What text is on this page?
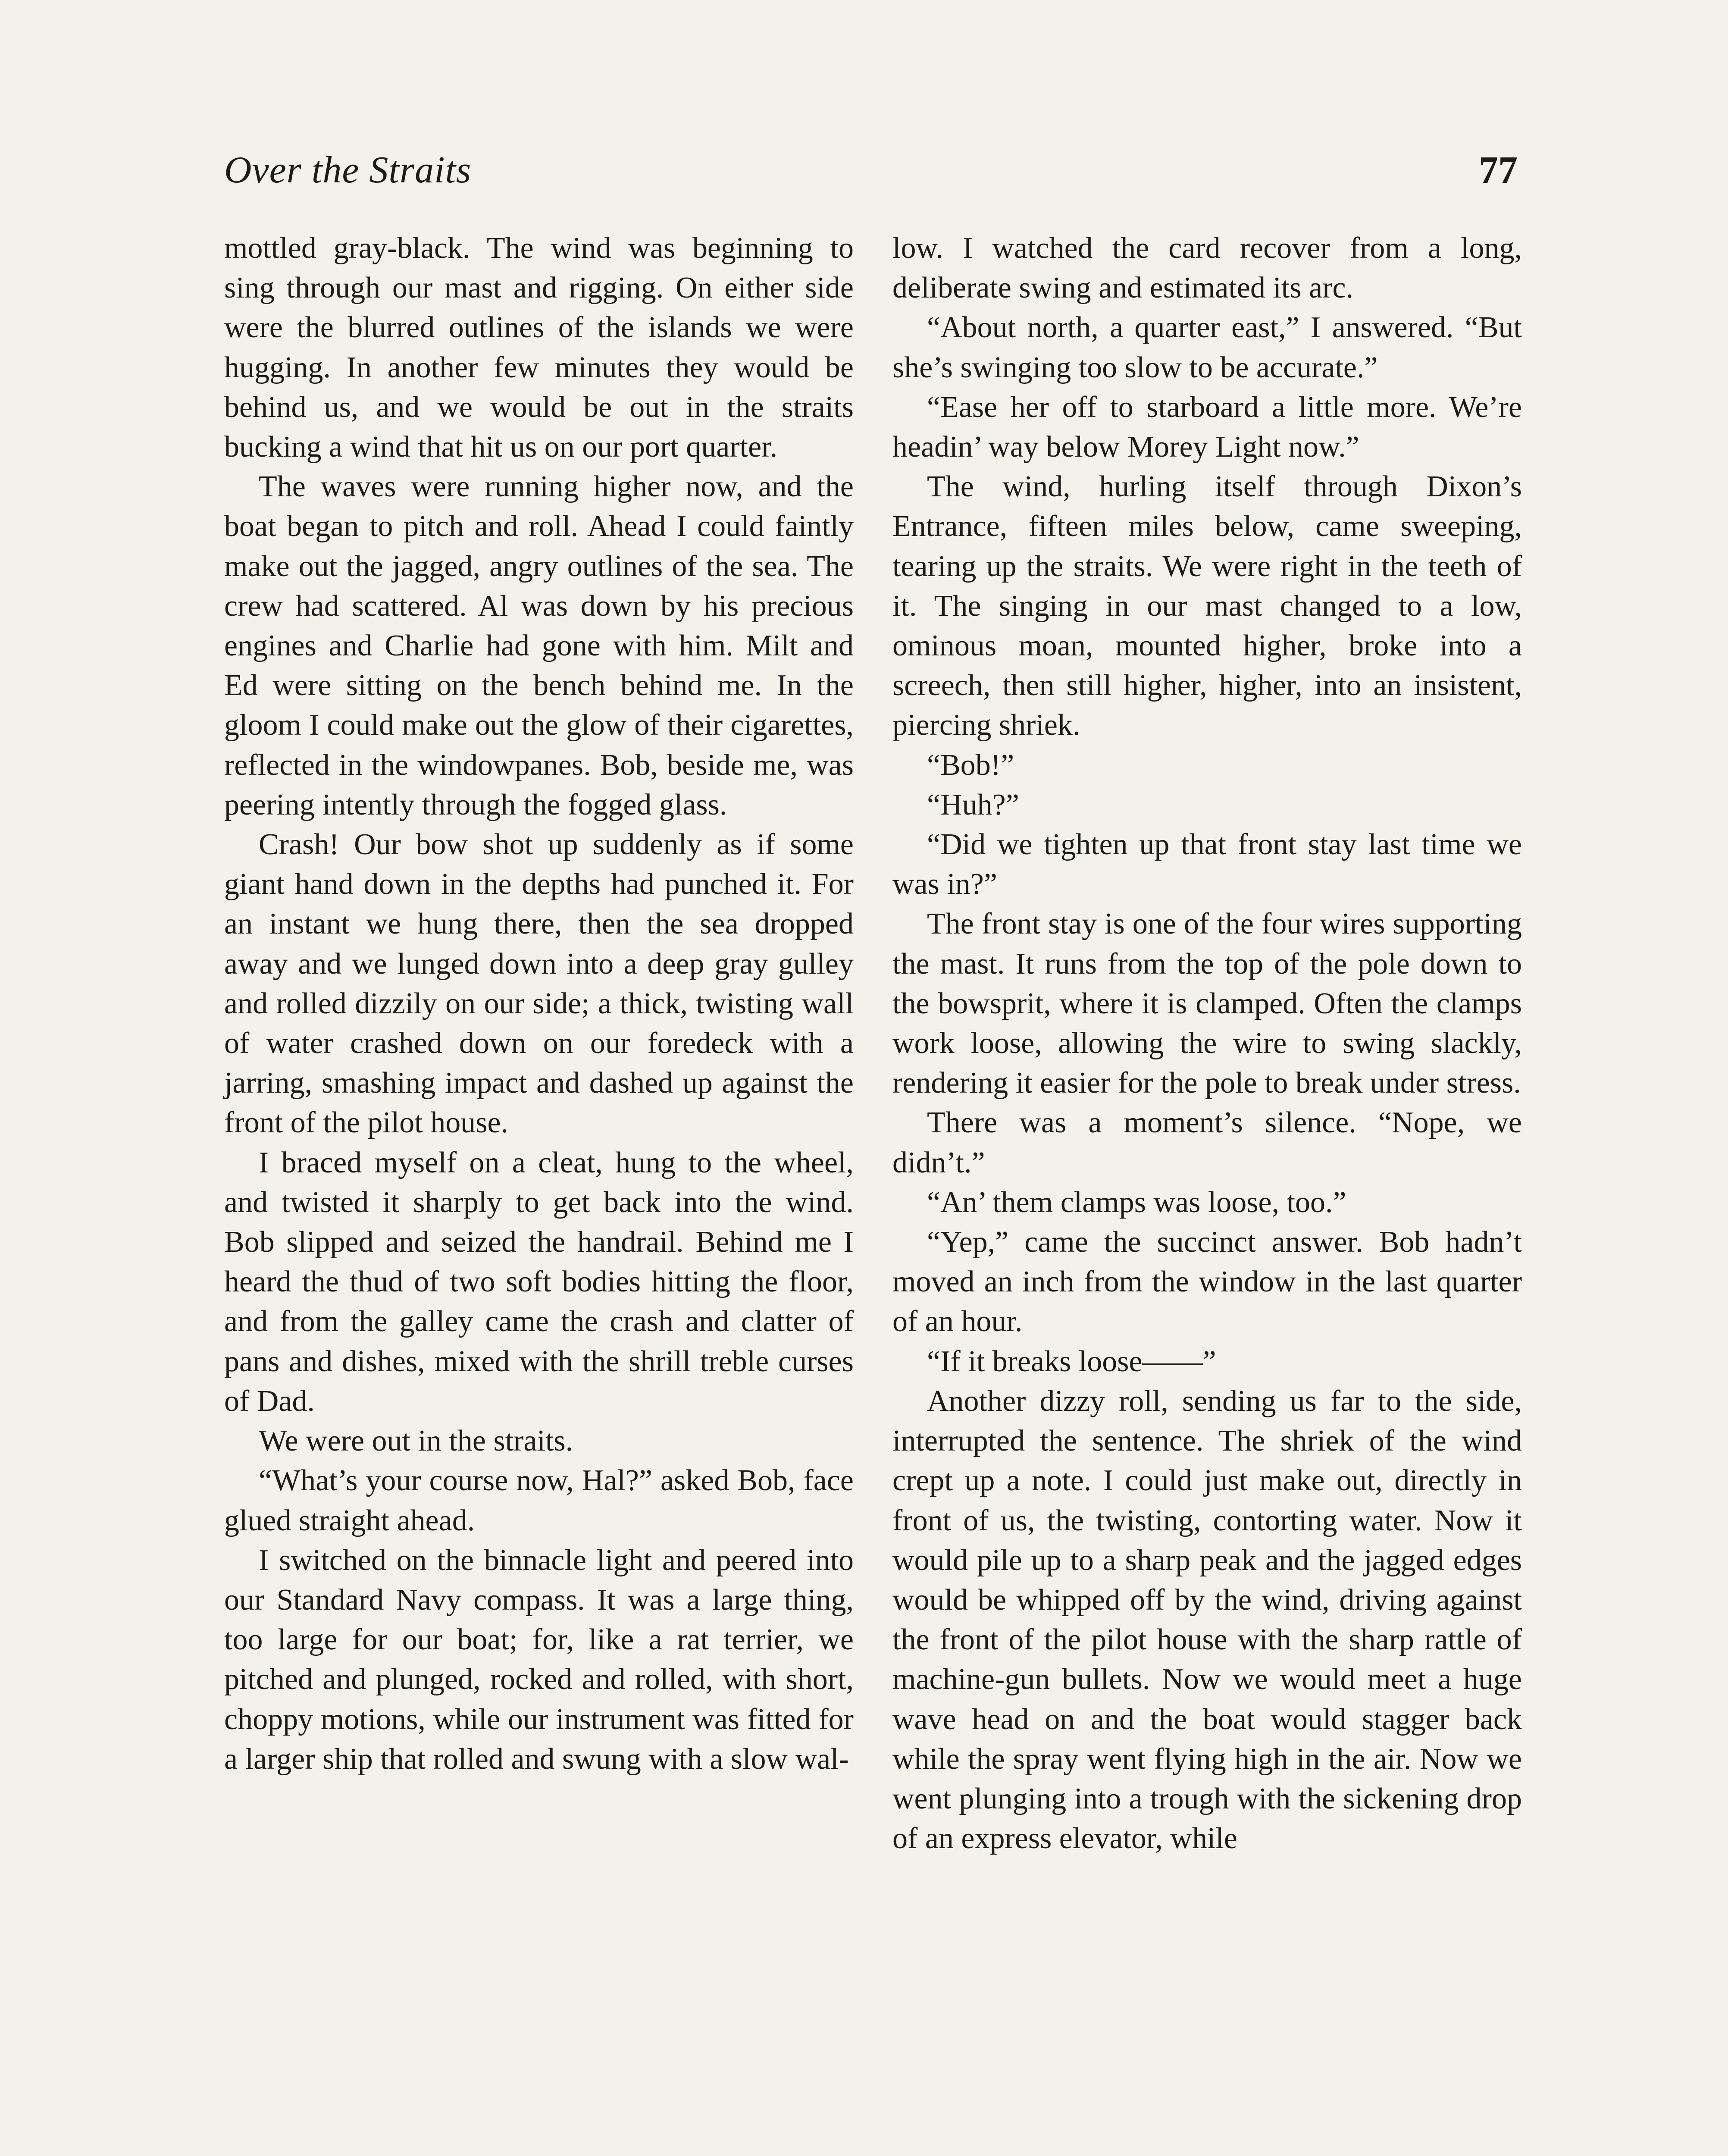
Over the Straits	77

mottled gray-black. The wind was beginning to sing through our mast and rigging. On either side were the blurred outlines of the islands we were hugging. In another few minutes they would be behind us, and we would be out in the straits bucking a wind that hit us on our port quarter.

The waves were running higher now, and the boat began to pitch and roll. Ahead I could faintly make out the jagged, angry outlines of the sea. The crew had scattered. Al was down by his precious engines and Charlie had gone with him. Milt and Ed were sitting on the bench behind me. In the gloom I could make out the glow of their cigarettes, reflected in the windowpanes. Bob, beside me, was peering intently through the fogged glass.

Crash! Our bow shot up suddenly as if some giant hand down in the depths had punched it. For an instant we hung there, then the sea dropped away and we lunged down into a deep gray gulley and rolled dizzily on our side; a thick, twisting wall of water crashed down on our foredeck with a jarring, smashing impact and dashed up against the front of the pilot house.

I braced myself on a cleat, hung to the wheel, and twisted it sharply to get back into the wind. Bob slipped and seized the handrail. Behind me I heard the thud of two soft bodies hitting the floor, and from the galley came the crash and clatter of pans and dishes, mixed with the shrill treble curses of Dad.

We were out in the straits.

“What’s your course now, Hal?” asked Bob, face glued straight ahead.

I switched on the binnacle light and peered into our Standard Navy compass. It was a large thing, too large for our boat; for, like a rat terrier, we pitched and plunged, rocked and rolled, with short, choppy motions, while our instrument was fitted for a larger ship that rolled and swung with a slow wal-

low. I watched the card recover from a long, deliberate swing and estimated its arc.

“About north, a quarter east,” I answered. “But she’s swinging too slow to be accurate.”

“Ease her off to starboard a little more. We’re headin’ way below Morey Light now.”

The wind, hurling itself through Dixon’s Entrance, fifteen miles below, came sweeping, tearing up the straits. We were right in the teeth of it. The singing in our mast changed to a low, ominous moan, mounted higher, broke into a screech, then still higher, higher, into an insistent, piercing shriek.

“Bob!”

“Huh?”

“Did we tighten up that front stay last time we was in?”

The front stay is one of the four wires supporting the mast. It runs from the top of the pole down to the bowsprit, where it is clamped. Often the clamps work loose, allowing the wire to swing slackly, rendering it easier for the pole to break under stress.

There was a moment’s silence. “Nope, we didn’t.”

“An’ them clamps was loose, too.”

“Yep,” came the succinct answer. Bob hadn’t moved an inch from the window in the last quarter of an hour.

“If it breaks loose——”

Another dizzy roll, sending us far to the side, interrupted the sentence. The shriek of the wind crept up a note. I could just make out, directly in front of us, the twisting, contorting water. Now it would pile up to a sharp peak and the jagged edges would be whipped off by the wind, driving against the front of the pilot house with the sharp rattle of machine-gun bullets. Now we would meet a huge wave head on and the boat would stagger back while the spray went flying high in the air. Now we went plunging into a trough with the sickening drop of an express elevator, while
